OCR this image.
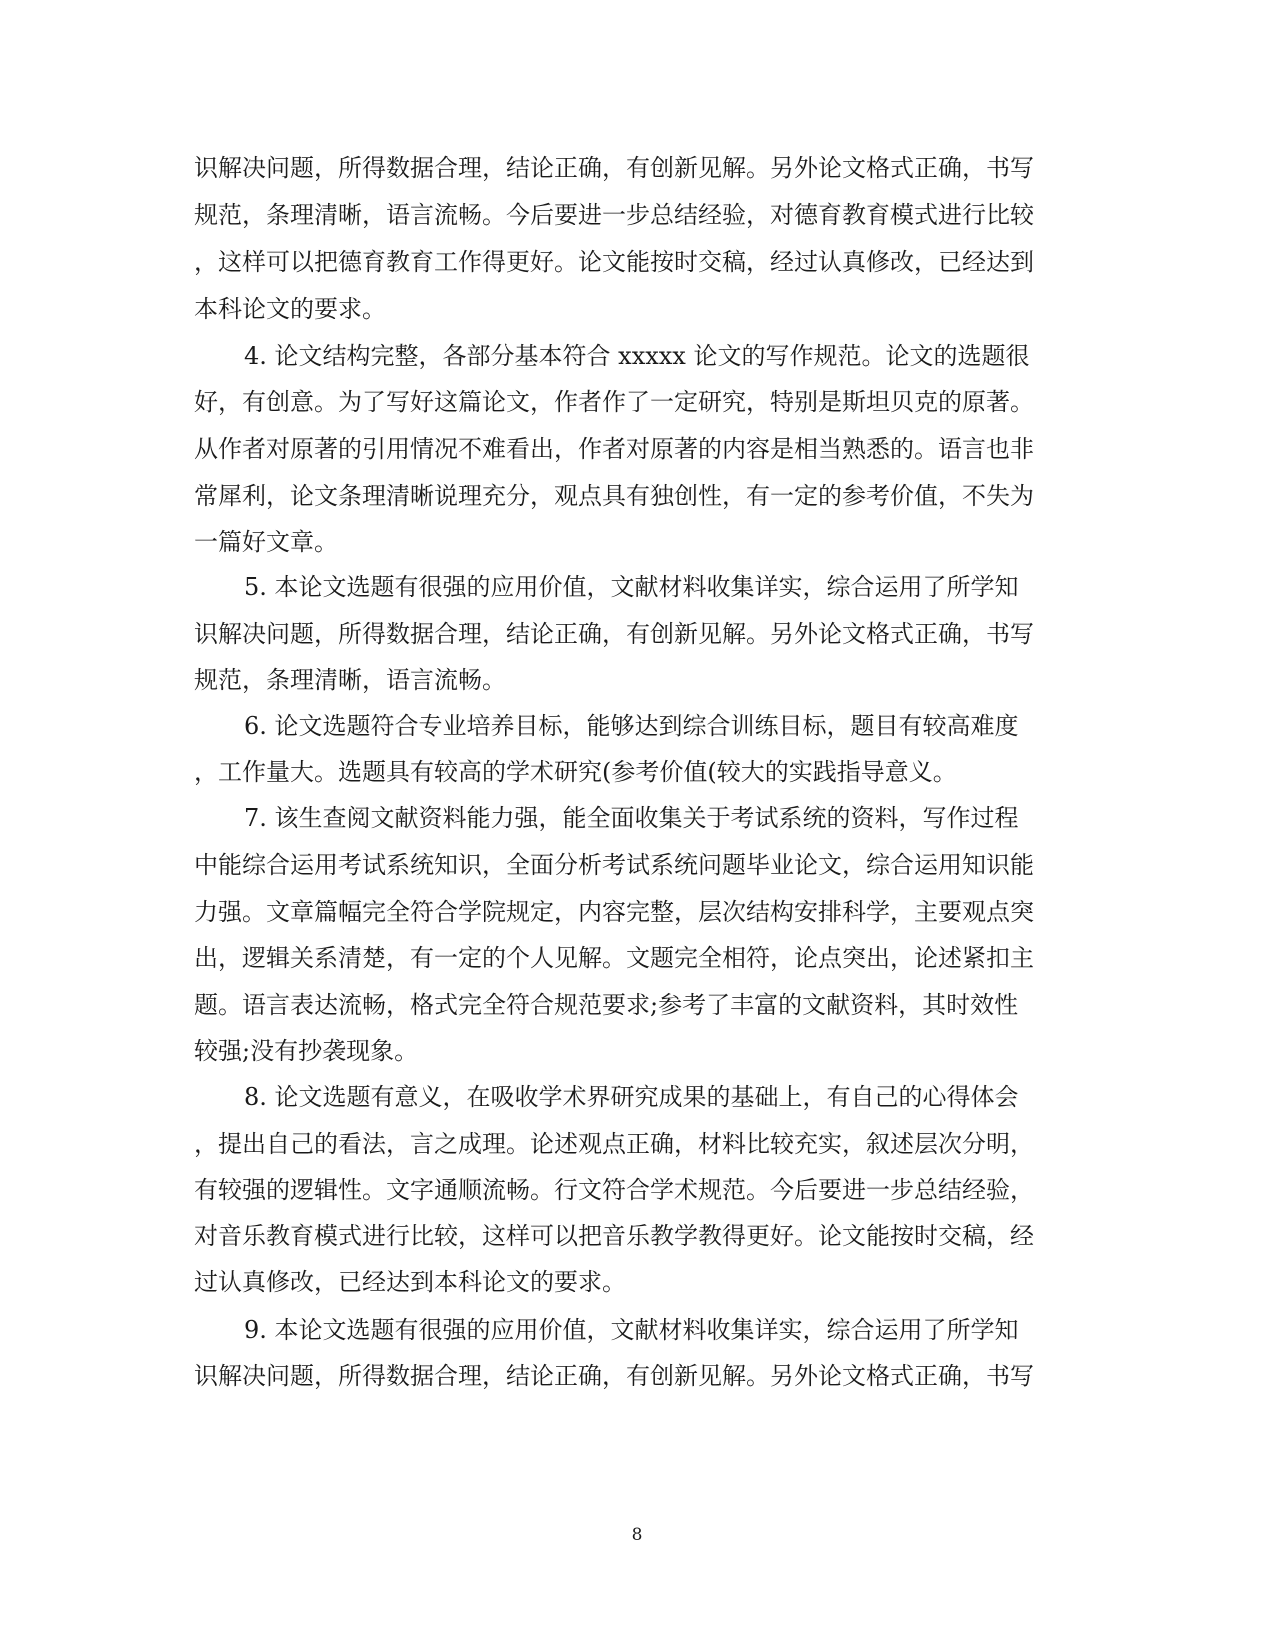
识解决问题，所得数据合理，结论正确，有创新见解。另外论文格式正确，书写
规范，条理清晰，语言流畅。今后要进一步总结经验，对德育教育模式进行比较
，这样可以把德育教育工作得更好。论文能按时交稿，经过认真修改，已经达到
本科论文的要求。
4. 论文结构完整，各部分基本符合 xxxxx 论文的写作规范。论文的选题很
好，有创意。为了写好这篇论文，作者作了一定研究，特别是斯坦贝克的原著。
从作者对原著的引用情况不难看出，作者对原著的内容是相当熟悉的。语言也非
常犀利，论文条理清晰说理充分，观点具有独创性，有一定的参考价值，不失为
一篇好文章。
5. 本论文选题有很强的应用价值，文献材料收集详实，综合运用了所学知
识解决问题，所得数据合理，结论正确，有创新见解。另外论文格式正确，书写
规范，条理清晰，语言流畅。
6. 论文选题符合专业培养目标，能够达到综合训练目标，题目有较高难度
，工作量大。选题具有较高的学术研究(参考价值(较大的实践指导意义。
7. 该生查阅文献资料能力强，能全面收集关于考试系统的资料，写作过程
中能综合运用考试系统知识，全面分析考试系统问题毕业论文，综合运用知识能
力强。文章篇幅完全符合学院规定，内容完整，层次结构安排科学，主要观点突
出，逻辑关系清楚，有一定的个人见解。文题完全相符，论点突出，论述紧扣主
题。语言表达流畅，格式完全符合规范要求;参考了丰富的文献资料，其时效性
较强;没有抄袭现象。
8. 论文选题有意义，在吸收学术界研究成果的基础上，有自己的心得体会
，提出自己的看法，言之成理。论述观点正确，材料比较充实，叙述层次分明，
有较强的逻辑性。文字通顺流畅。行文符合学术规范。今后要进一步总结经验，
对音乐教育模式进行比较，这样可以把音乐教学教得更好。论文能按时交稿，经
过认真修改，已经达到本科论文的要求。
9. 本论文选题有很强的应用价值，文献材料收集详实，综合运用了所学知
识解决问题，所得数据合理，结论正确，有创新见解。另外论文格式正确，书写
8
